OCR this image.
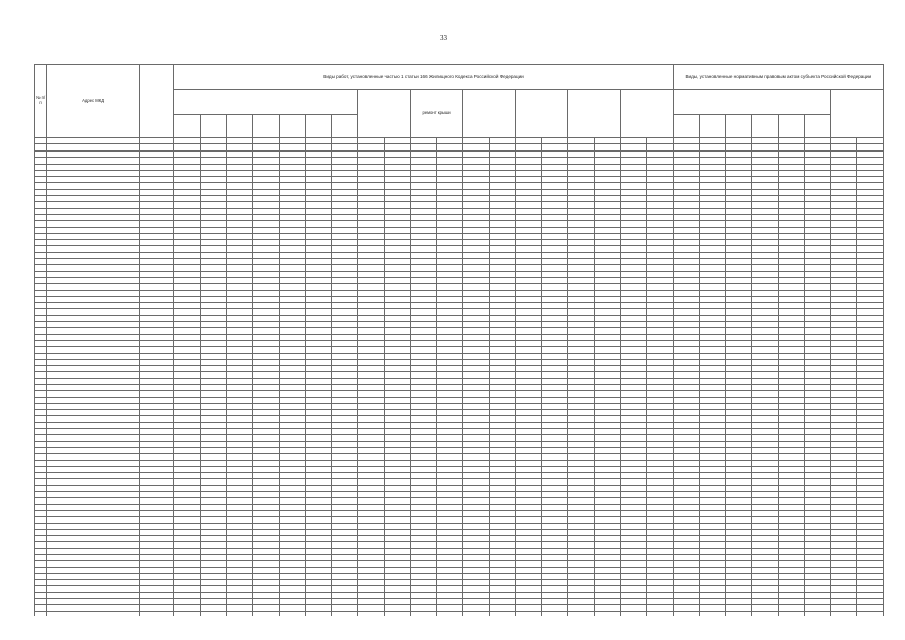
33
№ п/п	Адрес МКД		Виды работ, установленные частью 1 статьи 166 Жилищного Кодекса Российской Федерации																			Виды, установленные нормативным правовым актом субъекта Российской Федерации							
												ремонт крыши																	
